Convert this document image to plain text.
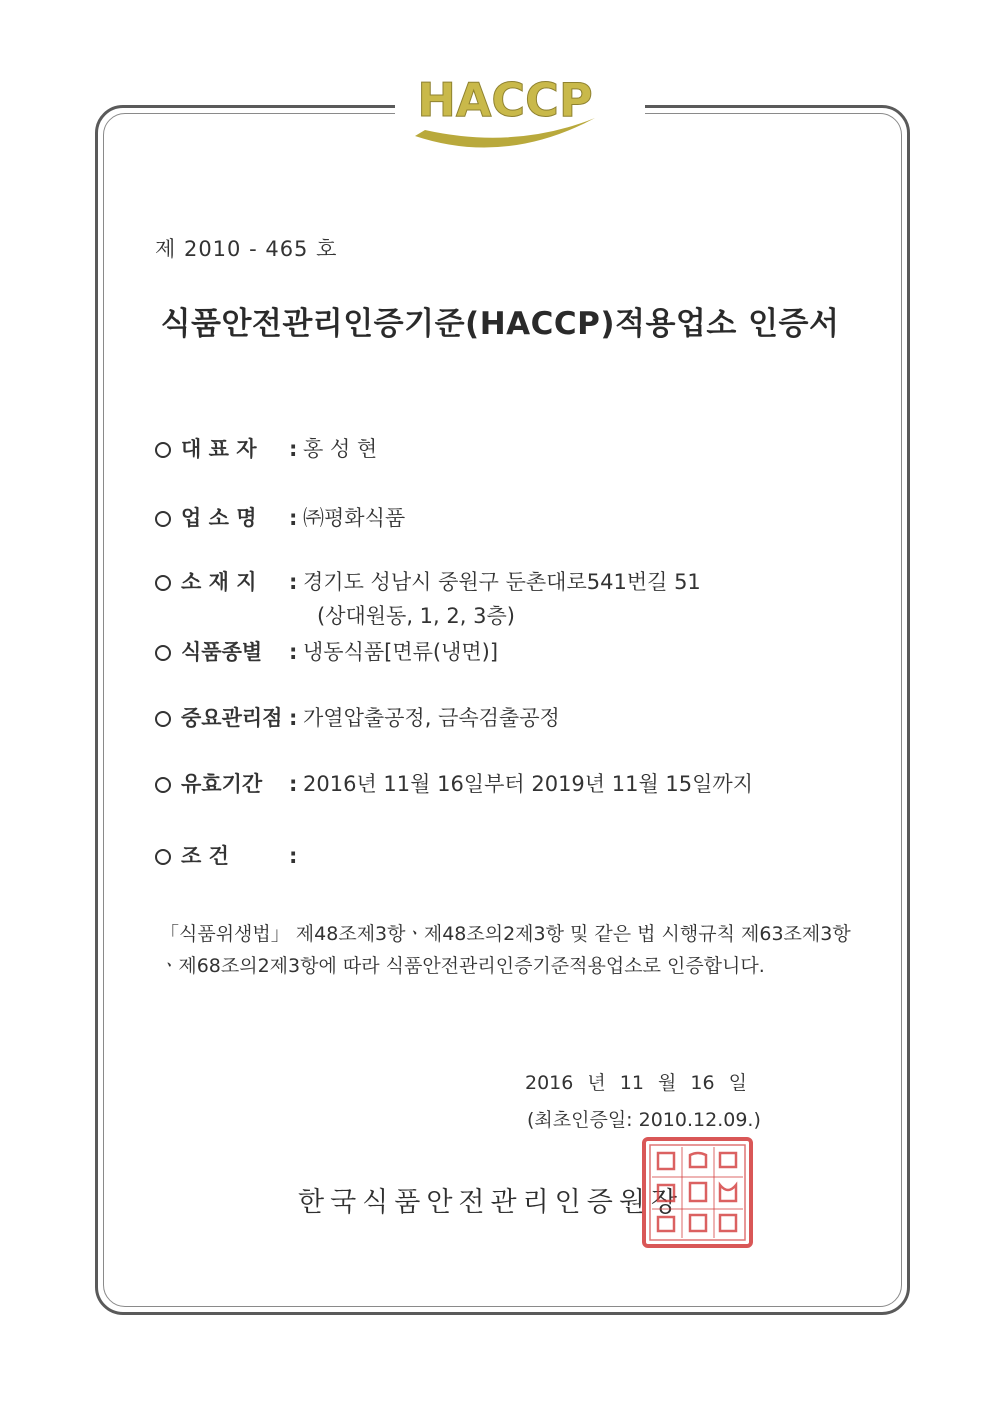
HACCP
제 2010 - 465 호
식품안전관리인증기준(HACCP)적용업소 인증서
대 표 자 : 홍 성 현
업 소 명 : ㈜평화식품
소 재 지 : 경기도 성남시 중원구 둔촌대로541번길 51
(상대원동, 1, 2, 3층)
식품종별 : 냉동식품[면류(냉면)]
중요관리점 : 가열압출공정, 금속검출공정
유효기간 : 2016년 11월 16일부터 2019년 11월 15일까지
조 건	:
「식품위생법」 제48조제3항ㆍ제48조의2제3항 및 같은 법 시행규칙 제63조제3항ㆍ제68조의2제3항에 따라 식품안전관리인증기준적용업소로 인증합니다.
2016 년 11 월 16 일
(최초인증일: 2010.12.09.)
한국식품안전관리인증원장
